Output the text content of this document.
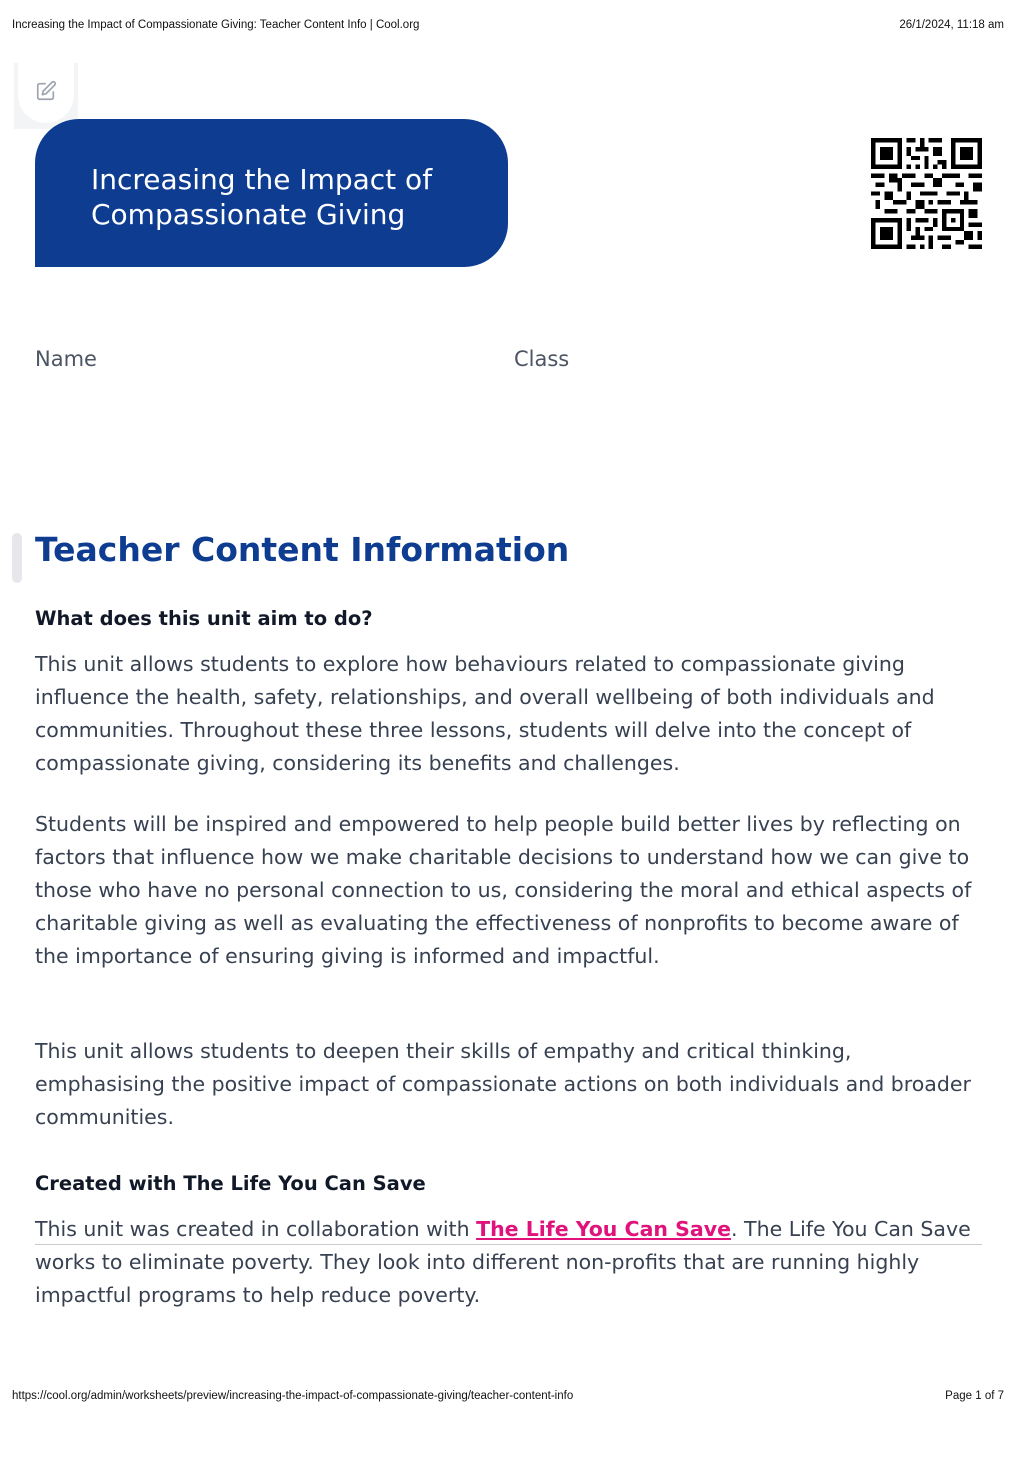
Increasing the Impact of Compassionate Giving: Teacher Content Info | Cool.org	26/1/2024, 11:18 am
Increasing the Impact of Compassionate Giving
Name	Class
Teacher Content Information
What does this unit aim to do?

This unit allows students to explore how behaviours related to compassionate giving influence the health, safety, relationships, and overall wellbeing of both individuals and communities. Throughout these three lessons, students will delve into the concept of compassionate giving, considering its benefits and challenges.

Students will be inspired and empowered to help people build better lives by reflecting on factors that influence how we make charitable decisions to understand how we can give to those who have no personal connection to us, considering the moral and ethical aspects of charitable giving as well as evaluating the effectiveness of nonprofits to become aware of the importance of ensuring giving is informed and impactful.

This unit allows students to deepen their skills of empathy and critical thinking, emphasising the positive impact of compassionate actions on both individuals and broader communities.

Created with The Life You Can Save

This unit was created in collaboration with The Life You Can Save. The Life You Can Save works to eliminate poverty. They look into different non-profits that are running highly impactful programs to help reduce poverty.

https://cool.org/admin/worksheets/preview/increasing-the-impact-of-compassionate-giving/teacher-content-info	Page 1 of 7
